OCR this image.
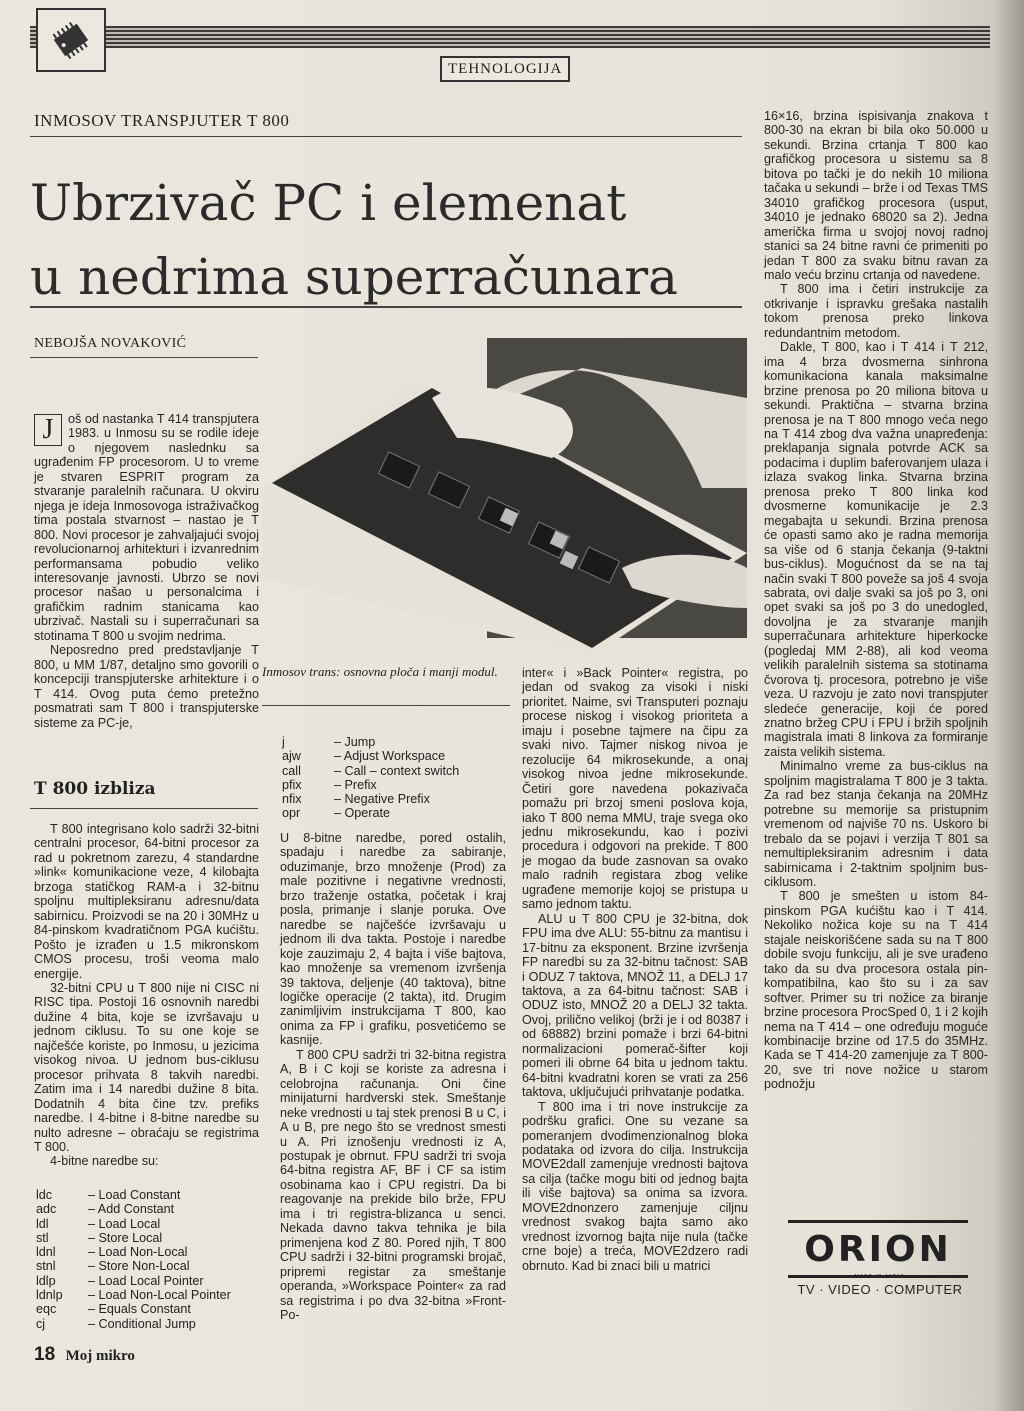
TEHNOLOGIJA
INMOSOV TRANSPJUTER T 800
Ubrzivač PC i elemenat
u nedrima superračunara
NEBOJŠA NOVAKOVIĆ

J	oš od nastanka T 414 transpjutera 1983. u Inmosu su se rodile ideje o njegovem naslednku sa ugrađenim FP procesorom. U to vreme je stvaren ESPRIT program za stvaranje paralelnih računara. U okviru njega je ideja Inmosovoga istraživačkog tima postala stvarnost – nastao je T 800. Novi procesor je zahvaljajući svojoj revolucionarnoj arhitekturi i izvanrednim performansama pobudio veliko interesovanje javnosti. Ubrzo se novi procesor našao u personalcima i grafičkim radnim stanicama kao ubrzivač. Nastali su i superračunari sa stotinama T 800 u svojim nedrima.

Neposredno pred predstavljanje T 800, u MM 1/87, detaljno smo govorili o koncepciji transpjuterske arhitekture i o T 414. Ovog puta ćemo pretežno posmatrati sam T 800 i transpjuterske sisteme za PC-je,

T 800 izbliza

T 800 integrisano kolo sadrži 32-bitni centralni procesor, 64-bitni procesor za rad u pokretnom zarezu, 4 standardne »link« komunikacione veze, 4 kilobajta brzoga statičkog RAM-a i 32-bitnu spoljnu multipleksiranu adresnu/data sabirnicu. Proizvodi se na 20 i 30MHz u 84-pinskom kvadratičnom PGA kućištu. Pošto je izrađen u 1.5 mikronskom CMOS procesu, troši veoma malo energije.

32-bitni CPU u T 800 nije ni CISC ni RISC tipa. Postoji 16 osnovnih naredbi dužine 4 bita, koje se izvršavaju u jednom ciklusu. To su one koje se najčešće koriste, po Inmosu, u jezicima visokog nivoa. U jednom bus-ciklusu procesor prihvata 8 takvih naredbi. Zatim ima i 14 naredbi dužine 8 bita. Dodatnih 4 bita čine tzv. prefiks naredbe. I 4-bitne i 8-bitne naredbe su nulto adresne – obraćaju se registrima T 800.

4-bitne naredbe su:

ldc	– Load Constant
adc	– Add Constant
ldl	– Load Local
stl	– Store Local
ldnl	– Load Non-Local
stnl	– Store Non-Local
ldlp	– Load Local Pointer
ldnlp	– Load Non-Local Pointer
eqc	– Equals Constant
cj	– Conditional Jump
Inmosov trans: osnovna ploča i manji modul.
j	– Jump
ajw	– Adjust Workspace
call	– Call – context switch
pfix	– Prefix
nfix	– Negative Prefix
opr	– Operate

U 8-bitne naredbe, pored ostalih, spadaju i naredbe za sabiranje, oduzimanje, brzo množenje (Prod) za male pozitivne i negativne vrednosti, brzo traženje ostatka, početak i kraj posla, primanje i slanje poruka. Ove naredbe se najčešće izvršavaju u jednom ili dva takta. Postoje i naredbe koje zauzimaju 2, 4 bajta i više bajtova, kao množenje sa vremenom izvršenja 39 taktova, deljenje (40 taktova), bitne logičke operacije (2 takta), itd. Drugim zanimljivim instrukcijama T 800, kao onima za FP i grafiku, posvetićemo se kasnije.

T 800 CPU sadrži tri 32-bitna registra A, B i C koji se koriste za adresna i celobrojna računanja. Oni čine minijaturni hardverski stek. Smeštanje neke vrednosti u taj stek prenosi B u C, i A u B, pre nego što se vrednost smesti u A. Pri iznošenju vrednosti iz A, postupak je obrnut. FPU sadrži tri svoja 64-bitna registra AF, BF i CF sa istim osobinama kao i CPU registri. Da bi reagovanje na prekide bilo brže, FPU ima i tri registra-blizanca u senci. Nekada davno takva tehnika je bila primenjena kod Z 80. Pored njih, T 800 CPU sadrži i 32-bitni programski brojač, pripremi registar za smeštanje operanda, »Workspace Pointer« za rad sa registrima i po dva 32-bitna »Front-Po-

inter« i »Back Pointer« registra, po jedan od svakog za visoki i niski prioritet. Naime, svi Transputeri poznaju procese niskog i visokog prioriteta a imaju i posebne tajmere na čipu za svaki nivo. Tajmer niskog nivoa je rezolucije 64 mikrosekunde, a onaj visokog nivoa jedne mikrosekunde. Četiri gore navedena pokazivača pomažu pri brzoj smeni poslova koja, iako T 800 nema MMU, traje svega oko jednu mikrosekundu, kao i pozivi procedura i odgovori na prekide. T 800 je mogao da bude zasnovan sa ovako malo radnih registara zbog velike ugrađene memorije kojoj se pristupa u samo jednom taktu.

ALU u T 800 CPU je 32-bitna, dok FPU ima dve ALU: 55-bitnu za mantisu i 17-bitnu za eksponent. Brzine izvršenja FP naredbi su za 32-bitnu tačnost: SAB i ODUZ 7 taktova, MNOŽ 11, a DELJ 17 taktova, a za 64-bitnu tačnost: SAB i ODUZ isto, MNOŽ 20 a DELJ 32 takta. Ovoj, prilično velikoj (brži je i od 80387 i od 68882) brzini pomaže i brzi 64-bitni normalizacioni pomerač-šifter koji pomeri ili obrne 64 bita u jednom taktu. 64-bitni kvadratni koren se vrati za 256 taktova, uključujući prihvatanje podatka.

T 800 ima i tri nove instrukcije za podršku grafici. One su vezane sa pomeranjem dvodimenzionalnog bloka podataka od izvora do cilja. Instrukcija MOVE2dall zamenjuje vrednosti bajtova sa cilja (tačke mogu biti od jednog bajta ili više bajtova) sa onima sa izvora. MOVE2dnonzero zamenjuje ciljnu vrednost svakog bajta samo ako vrednost izvornog bajta nije nula (tačke crne boje) a treća, MOVE2dzero radi obrnuto. Kad bi znaci bili u matrici

16×16, brzina ispisivanja znakova t 800-30 na ekran bi bila oko 50.000 u sekundi. Brzina crtanja T 800 kao grafičkog procesora u sistemu sa 8 bitova po tački je do nekih 10 miliona tačaka u sekundi – brže i od Texas TMS 34010 grafičkog procesora (usput, 34010 je jednako 68020 sa 2). Jedna američka firma u svojoj novoj radnoj stanici sa 24 bitne ravni će primeniti po jedan T 800 za svaku bitnu ravan za malo veću brzinu crtanja od navedene.

T 800 ima i četiri instrukcije za otkrivanje i ispravku grešaka nastalih tokom prenosa preko linkova redundantnim metodom.

Dakle, T 800, kao i T 414 i T 212, ima 4 brza dvosmerna sinhrona komunikaciona kanala maksimalne brzine prenosa po 20 miliona bitova u sekundi. Praktična – stvarna brzina prenosa je na T 800 mnogo veća nego na T 414 zbog dva važna unapređenja: preklapanja signala potvrde ACK sa podacima i duplim baferovanjem ulaza i izlaza svakog linka. Stvarna brzina prenosa preko T 800 linka kod dvosmerne komunikacije je 2.3 megabajta u sekundi. Brzina prenosa će opasti samo ako je radna memorija sa više od 6 stanja čekanja (9-taktni bus-ciklus). Mogućnost da se na taj način svaki T 800 poveže sa još 4 svoja sabrata, ovi dalje svaki sa još po 3, oni opet svaki sa još po 3 do unedogled, dovoljna je za stvaranje manjih superračunara arhitekture hiperkocke (pogledaj MM 2-88), ali kod veoma velikih paralelnih sistema sa stotinama čvorova tj. procesora, potrebno je više veza. U razvoju je zato novi transpjuter sledeće generacije, koji će pored znatno bržeg CPU i FPU i bržih spoljnih magistrala imati 8 linkova za formiranje zaista velikih sistema.

Minimalno vreme za bus-ciklus na spoljnim magistralama T 800 je 3 takta. Za rad bez stanja čekanja na 20MHz potrebne su memorije sa pristupnim vremenom od najviše 70 ns. Uskoro bi trebalo da se pojavi i verzija T 801 sa nemultipleksiranim adresnim i data sabirnicama i 2-taktnim spoljnim bus-ciklusom.

T 800 je smešten u istom 84-pinskom PGA kućištu kao i T 414. Nekoliko nožica koje su na T 414 stajale neiskorišćene sada su na T 800 dobile svoju funkciju, ali je sve urađeno tako da su dva procesora ostala pin-kompatibilna, kao što su i za sav softver. Primer su tri nožice za biranje brzine procesora ProcSped 0, 1 i 2 kojih nema na T 414 – one određuju moguće kombinacije brzine od 17.5 do 35MHz. Kada se T 414-20 zamenjuje za T 800-20, sve tri nove nožice u starom podnožju

ORION
MADE IN JAPAN
TV · VIDEO · COMPUTER
18 Moj mikro
